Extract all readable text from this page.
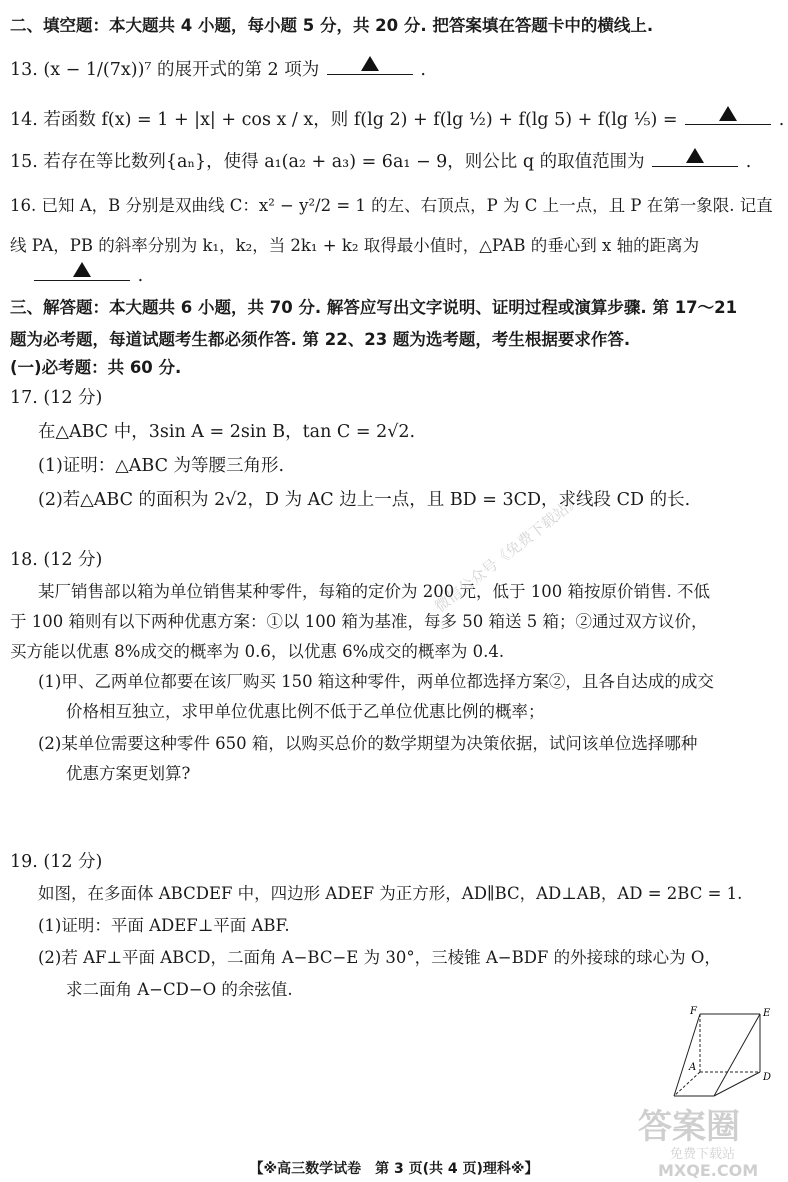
二、填空题：本大题共 4 小题，每小题 5 分，共 20 分. 把答案填在答题卡中的横线上.
13. (x − 1/(7x))⁷ 的展开式的第 2 项为	.
14. 若函数 f(x) = 1 + |x| + cos x / x，则 f(lg 2) + f(lg ½) + f(lg 5) + f(lg ⅕) =	.
15. 若存在等比数列{aₙ}，使得 a₁(a₂ + a₃) = 6a₁ − 9，则公比 q 的取值范围为	.
16. 已知 A，B 分别是双曲线 C：x² − y²/2 = 1 的左、右顶点，P 为 C 上一点，且 P 在第一象限. 记直
线 PA，PB 的斜率分别为 k₁，k₂，当 2k₁ + k₂ 取得最小值时，△PAB 的垂心到 x 轴的距离为
.
三、解答题：本大题共 6 小题，共 70 分. 解答应写出文字说明、证明过程或演算步骤. 第 17～21
题为必考题，每道试题考生都必须作答. 第 22、23 题为选考题，考生根据要求作答.
(一)必考题：共 60 分.
17. (12 分)
在△ABC 中，3sin A = 2sin B，tan C = 2√2.
(1)证明：△ABC 为等腰三角形.
(2)若△ABC 的面积为 2√2，D 为 AC 边上一点，且 BD = 3CD，求线段 CD 的长.
18. (12 分)
某厂销售部以箱为单位销售某种零件，每箱的定价为 200 元，低于 100 箱按原价销售. 不低
于 100 箱则有以下两种优惠方案：①以 100 箱为基准，每多 50 箱送 5 箱；②通过双方议价，
买方能以优惠 8%成交的概率为 0.6，以优惠 6%成交的概率为 0.4.
(1)甲、乙两单位都要在该厂购买 150 箱这种零件，两单位都选择方案②，且各自达成的成交
价格相互独立，求甲单位优惠比例不低于乙单位优惠比例的概率；
(2)某单位需要这种零件 650 箱，以购买总价的数学期望为决策依据，试问该单位选择哪种
优惠方案更划算?
19. (12 分)
如图，在多面体 ABCDEF 中，四边形 ADEF 为正方形，AD∥BC，AD⊥AB，AD = 2BC = 1.
(1)证明：平面 ADEF⊥平面 ABF.
(2)若 AF⊥平面 ABCD，二面角 A−BC−E 为 30°，三棱锥 A−BDF 的外接球的球心为 O，
求二面角 A−CD−O 的余弦值.
微信公众号《免费下载站》
F	E
A
D
答案圈
免费下载站
MXQE.COM
【※高三数学试卷　第 3 页(共 4 页)理科※】
